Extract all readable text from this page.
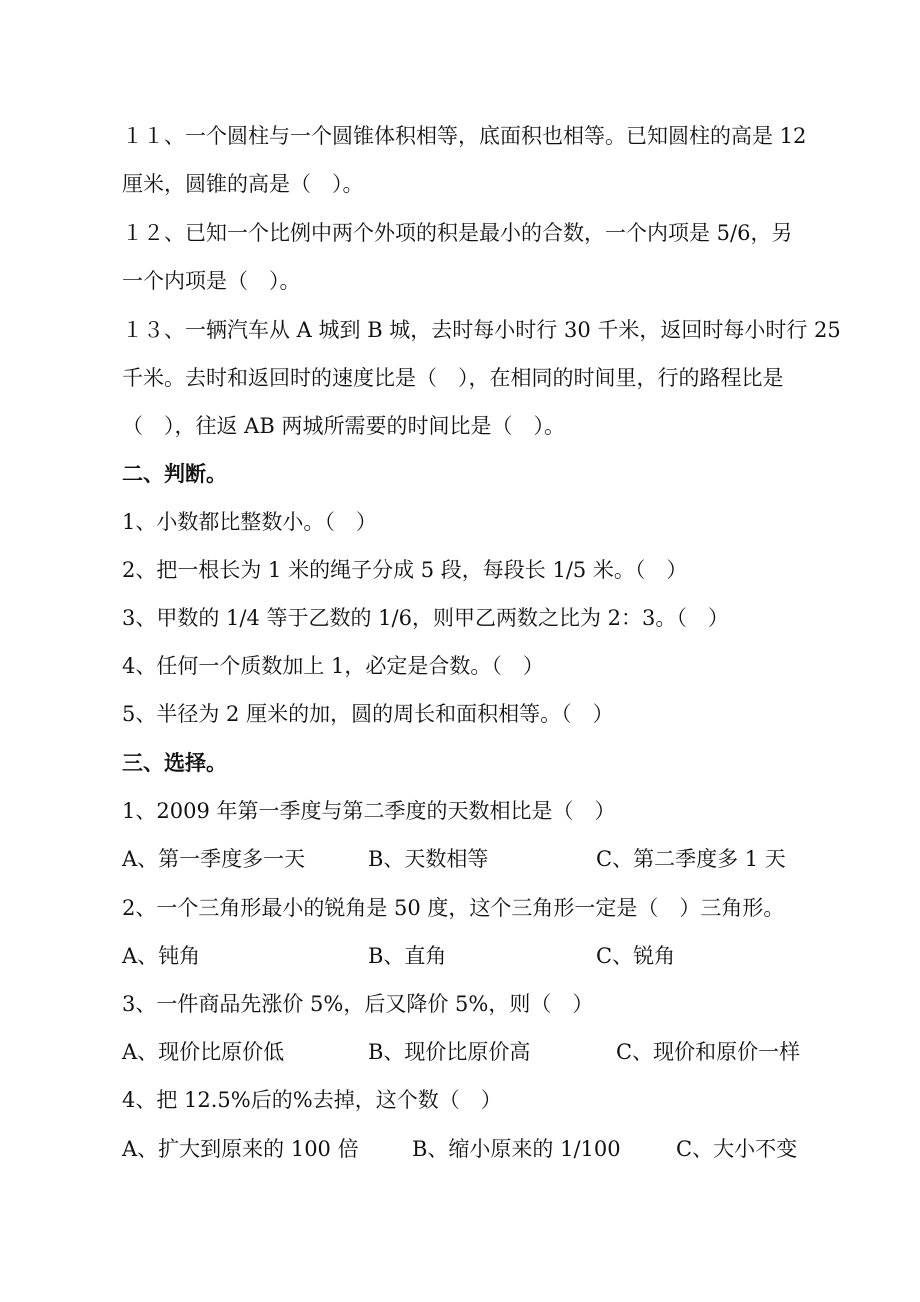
１１、一个圆柱与一个圆锥体积相等，底面积也相等。已知圆柱的高是 12
厘米，圆锥的高是（　）。
１２、已知一个比例中两个外项的积是最小的合数，一个内项是 5/6，另
一个内项是（　）。
１３、一辆汽车从 A 城到 B 城，去时每小时行 30 千米，返回时每小时行 25
千米。去时和返回时的速度比是（　），在相同的时间里，行的路程比是
（　），往返 AB 两城所需要的时间比是（　）。
二、判断。
1、小数都比整数小。（　）
2、把一根长为 1 米的绳子分成 5 段，每段长 1/5 米。（　）
3、甲数的 1/4 等于乙数的 1/6，则甲乙两数之比为 2：3。（　）
4、任何一个质数加上 1，必定是合数。（　）
5、半径为 2 厘米的加，圆的周长和面积相等。（　）
三、选择。
1、2009 年第一季度与第二季度的天数相比是（　）
A、第一季度多一天	B、天数相等	C、第二季度多 1 天
2、一个三角形最小的锐角是 50 度，这个三角形一定是（　）三角形。
A、钝角	B、直角	C、锐角
3、一件商品先涨价 5%，后又降价 5%，则（　）
A、现价比原价低	B、现价比原价高	C、现价和原价一样
4、把 12.5%后的%去掉，这个数（　）
A、扩大到原来的 100 倍	B、缩小原来的 1/100	C、大小不变
